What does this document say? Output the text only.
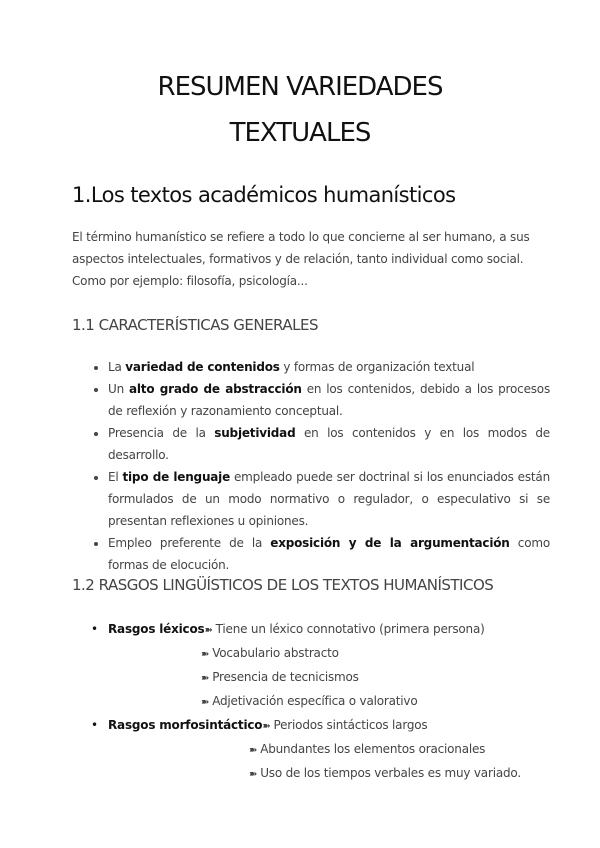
RESUMEN VARIEDADES
TEXTUALES
1.Los textos académicos humanísticos

El término humanístico se refiere a todo lo que concierne al ser humano, a sus aspectos intelectuales, formativos y de relación, tanto individual como social. Como por ejemplo: filosofía, psicología...

1.1 CARACTERÍSTICAS GENERALES
• La variedad de contenidos y formas de organización textual
• Un alto grado de abstracción en los contenidos, debido a los procesos de reflexión y razonamiento conceptual.
• Presencia de la subjetividad en los contenidos y en los modos de desarrollo.
• El tipo de lenguaje empleado puede ser doctrinal si los enunciados están formulados de un modo normativo o regulador, o especulativo si se presentan reflexiones u opiniones.
• Empleo preferente de la exposición y de la argumentación como formas de elocución.
1.2 RASGOS LINGÜÍSTICOS DE LOS TEXTOS HUMANÍSTICOS
• Rasgos léxicos➽ Tiene un léxico connotativo (primera persona)
➽ Vocabulario abstracto
➽ Presencia de tecnicismos
➽ Adjetivación específica o valorativo
• Rasgos morfosintáctico➽ Periodos sintácticos largos
➽ Abundantes los elementos oracionales
➽ Uso de los tiempos verbales es muy variado.
